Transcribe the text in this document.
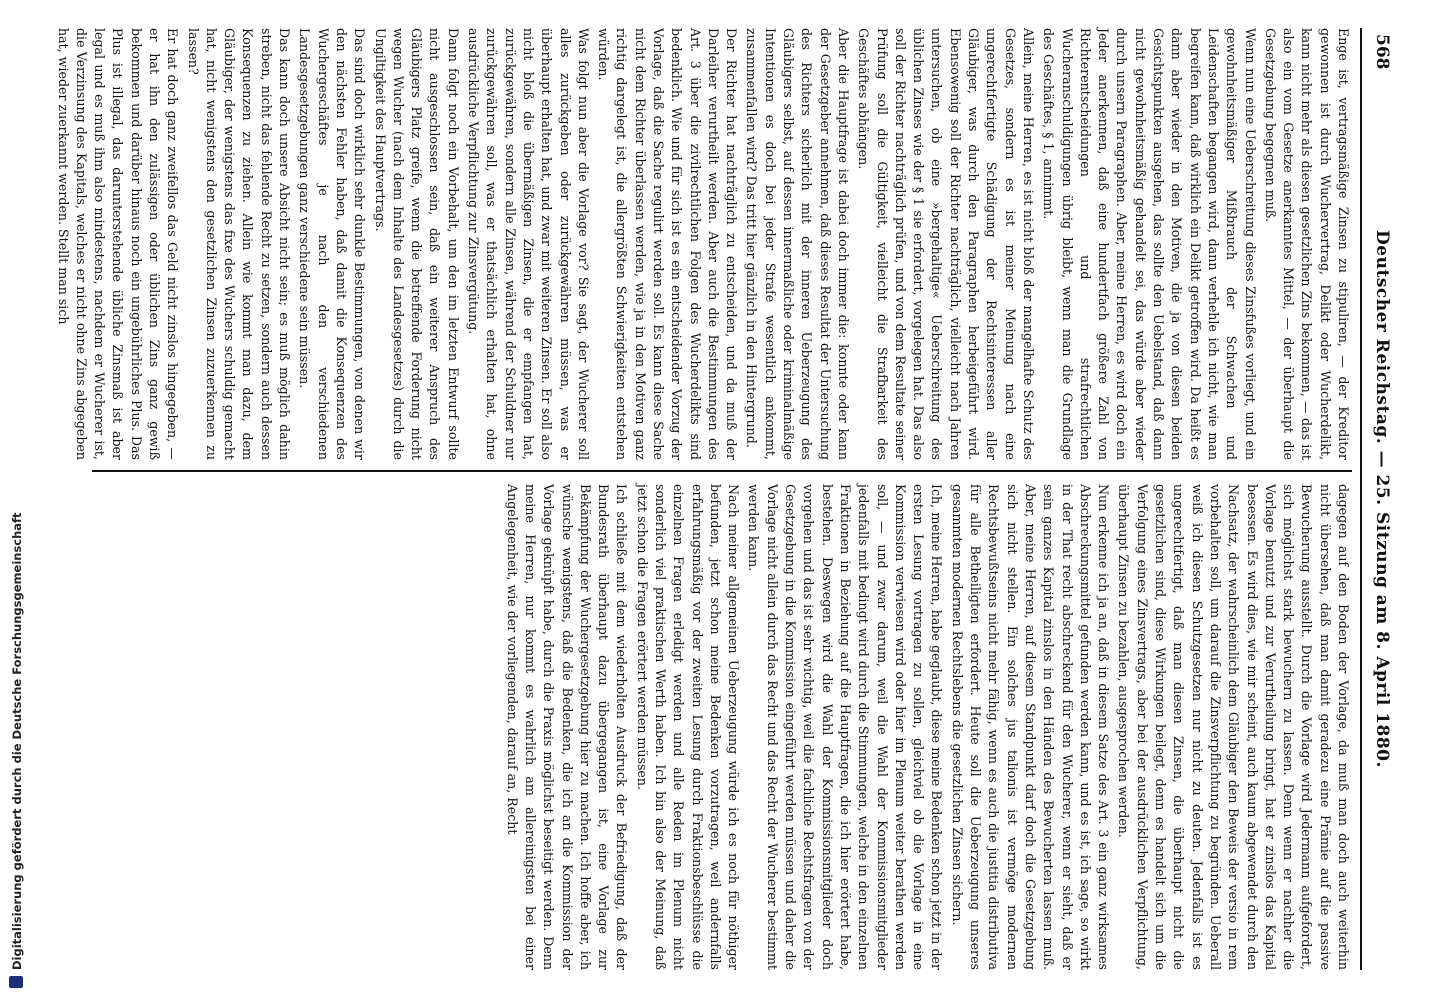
568
Deutscher Reichstag. — 25. Sitzung am 8. April 1880.

Enge ist, vertragsmäßige Zinsen zu stipuliren, — der Kreditor gewonnen ist durch Wuchervertrag, Delikt oder Wucherdelikt, kann nicht mehr als diesen gesetzlichen Zins bekommen, — das ist also ein vom Gesetze anerkanntes Mittel, — der überhaupt die Gesetzgebung begegnen muß.

Wenn nun eine Ueberschreitung dieses Zinsfußes vorliegt, und ein gewohnheitsmäßiger Mißbrauch der Schwachen und Leidenschaften begangen wird, dann verhehle ich nicht, wie man begreifen kann, daß wirklich ein Delikt getroffen wird. Da heißt es dann aber wieder in den Motiven, die ja von diesen beiden Gesichtspunkten ausgehen, das sollte den Uebelstand, daß dann nicht gewohnheitsmäßig gehandelt sei, das würde aber wieder durch unsern Paragraphen. Aber, meine Herren, es wird doch ein Jeder anerkennen, daß eine hundertfach größere Zahl von Richterentscheidungen und strafrechtlichen Wucheranschuldigungen übrig bleibt, wenn man die Grundlage des Geschäftes, § 1, annimmt.

Allein, meine Herren, es ist nicht bloß der mangelhafte Schutz des Gesetzes, sondern es ist meiner Meinung nach eine ungerechtfertigte Schädigung der Rechtsinteressen aller Gläubiger, was durch den Paragraphen herbeigeführt wird. Ebensowenig soll der Richter nachträglich, vielleicht nach Jahren untersuchen, ob eine »bergehaltige« Ueberschreitung des üblichen Zinses wie der § 1 sie erfordert, vorgelegen hat. Das also soll der Richter nachträglich prüfen, und von dem Resultate seiner Prüfung soll die Gültigkeit, vielleicht die Strafbarkeit des Geschäftes abhängen.

Aber die Hauptfrage ist dabei doch immer die: konnte oder kann der Gesetzgeber annehmen, daß dieses Resultat der Untersuchung des Richters sicherlich mit der inneren Ueberzeugung des Gläubigers selbst, auf dessen innermaßliche oder kriminalmäßige Intentionen es doch bei jeder Strafe wesentlich ankommt, zusammenfallen wird? Das tritt hier gänzlich in den Hintergrund.

Der Richter hat nachträglich zu entscheiden, und da muß der Darleiher verurtheilt werden. Aber auch die Bestimmungen des Art. 3 über die zivilrechtlichen Folgen des Wucherdelikts sind bedenklich. Wie und für sich ist es ein entscheidender Vorzug der Vorlage, daß die Sache regulirt werden soll. Es kann diese Sache nicht dem Richter überlassen werden, wie ja in den Motiven ganz richtig dargelegt ist, die allergrößten Schwierigkeiten entstehen würden.

Was folgt nun aber die Vorlage vor? Sie sagt, der Wucherer soll alles zurückgeben oder zurückgewähren müssen, was er überhaupt erhalten hat, und zwar mit weiteren Zinsen. Er soll also nicht bloß die übermäßigen Zinsen, die er empfangen hat, zurückgewähren, sondern alle Zinsen, während der Schuldner nur zurückgewähren soll, was er thatsächlich erhalten hat, ohne ausdrückliche Verpflichtung zur Zinsvergütung.

Dann folgt noch ein Vorbehalt, um den im letzten Entwurf sollte nicht ausgeschlossen sein, daß ein weiterer Anspruch des Gläubigers Platz greife, wenn die betreffende Forderung nicht wegen Wucher (nach dem Inhalte des Landesgesetzes) durch die Ungiltigkeit des Hauptvertrags.

Das sind doch wirklich sehr dunkle Bestimmungen, von denen wir den nächsten Fehler haben, daß damit die Konsequenzen des Wuchergeschäftes je nach den verschiedenen Landesgesetzgebungen ganz verschiedene sein müssen.

Das kann doch unsere Absicht nicht sein; es muß möglich dahin streben, nicht das fehlende Recht zu setzen, sondern auch dessen Konsequenzen zu ziehen. Allein wie kommt man dazu, dem Gläubiger, der wenigstens das fixe des Wuchers schuldig gemacht hat, nicht wenigstens den gesetzlichen Zinsen zuzuerkennen zu lassen?

Er hat doch ganz zweifellos das Geld nicht zinslos hingegeben, — er hat ihn den zulässigen oder üblichen Zins ganz gewiß bekommen und darüber hinaus noch ein ungebührliches Plus. Das Plus ist illegal, das darunterstehende übliche Zinsmaß ist aber legal und es muß ihm also mindestens, nachdem er Wucherer ist, die Verzinsung des Kapitals, welches er nicht ohne Zins abgegeben hat, wieder zuerkannt werden. Stellt man sich

dagegen auf den Boden der Vorlage, da muß man doch auch weiterhin nicht übersehen, daß man damit geradezu eine Prämie auf die passive Bewucherung ausstellt. Durch die Vorlage wird Jedermann aufgefordert, sich möglichst stark bewuchern zu lassen. Denn wenn er nachher die Vorlage benutzt und zur Verurtheilung bringt, hat er zinslos das Kapital besessen. Es wird dies, wie mir scheint, auch kaum abgewendet durch den Nachsatz, der wahrscheinlich dem Gläubiger den Beweis der versio in rem vorbehalten soll, um darauf die Zinsverpflichtung zu begründen. Ueberall weiß ich diesen Schutzgesetzen nur nicht zu deuten. Jedenfalls ist es ungerechtfertigt, daß man diesen Zinsen, die überhaupt nicht die gesetzlichen sind, diese Wirkungen beilegt, denn es handelt sich um die Verfolgung eines Zinsvertrags, aber bei der ausdrücklichen Verpflichtung, überhaupt Zinsen zu bezahlen, ausgesprochen werden.

Nun erkenne ich ja an, daß in diesem Satze des Art. 3 ein ganz wirksames Abschreckungsmittel gefunden werden kann, und es ist, ich sage, so wirkt in der That recht abschreckend für den Wucherer, wenn er sieht, daß er sein ganzes Kapital zinslos in den Händen des Bewucherten lassen muß. Aber, meine Herren, auf diesem Standpunkt darf doch die Gesetzgebung sich nicht stellen. Ein solches jus talionis ist vermöge modernen Rechtsbewußtseins nicht mehr fähig, wenn es auch die justitia distributiva für alle Betheiligten erfordert. Heute soll die Ueberzeugung unseres gesammten modernen Rechtslebens die gesetzlichen Zinsen sichern.

Ich, meine Herren, habe geglaubt, diese meine Bedenken schon jetzt in der ersten Lesung vortragen zu sollen, gleichviel ob die Vorlage in eine Kommission verwiesen wird oder hier im Plenum weiter berathen werden soll, — und zwar darum, weil die Wahl der Kommissionsmitglieder jedenfalls mit bedingt wird durch die Stimmungen, welche in den einzelnen Fraktionen in Beziehung auf die Hauptfragen, die ich hier erörtert habe, bestehen. Deswegen wird die Wahl der Kommissionsmitglieder doch vorgehen und das ist sehr wichtig, weil die fachliche Rechtsfragen von der Gesetzgebung in die Kommission eingeführt werden müssen und daher die Vorlage nicht allein durch das Recht und das Recht der Wucherer bestimmt werden kann.

Nach meiner allgemeinen Ueberzeugung würde ich es noch für nöthiger befunden, jetzt schon meine Bedenken vorzutragen, weil andernfalls erfahrungsmäßig vor der zweiten Lesung durch Fraktionsbeschlüsse die einzelnen Fragen erledigt werden und alle Reden im Plenum nicht sonderlich viel praktischen Werth haben. Ich bin also der Meinung, daß jetzt schon die Fragen erörtert werden müssen.

Ich schließe mit dem wiederholten Ausdruck der Befriedigung, daß der Bundesrath überhaupt dazu übergegangen ist, eine Vorlage zur Bekämpfung der Wuchergesetzgebung hier zu machen. Ich hoffe aber, ich wünsche wenigstens, daß die Bedenken, die ich an die Kommission der Vorlage geknüpft habe, durch die Praxis möglichst beseitigt werden. Denn meine Herren, nur kommt es wahrlich am allereinigsten bei einer Angelegenheit, wie der vorliegenden, darauf an, Recht

Digitalisierung gefördert durch die Deutsche Forschungsgemeinschaft
